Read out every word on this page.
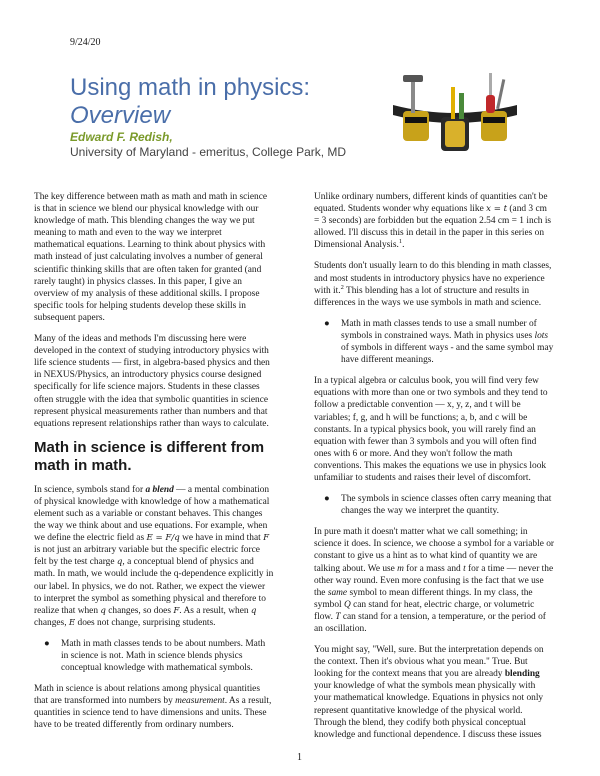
9/24/20
Using math in physics:
Overview
Edward F. Redish,
University of Maryland - emeritus, College Park, MD

The key difference between math as math and math in science is that in science we blend our physical knowledge with our knowledge of math. This blending changes the way we put meaning to math and even to the way we interpret mathematical equations. Learning to think about physics with math instead of just calculating involves a number of general scientific thinking skills that are often taken for granted (and rarely taught) in physics classes. In this paper, I give an overview of my analysis of these additional skills. I propose specific tools for helping students develop these skills in subsequent papers.

Many of the ideas and methods I'm discussing here were developed in the context of studying introductory physics with life science students — first, in algebra-based physics and then in NEXUS/Physics, an introductory physics course designed specifically for life science majors. Students in these classes often struggle with the idea that symbolic quantities in science represent physical measurements rather than numbers and that equations represent relationships rather than ways to calculate.

Math in science is different from math in math.

In science, symbols stand for a blend — a mental combination of physical knowledge with knowledge of how a mathematical element such as a variable or constant behaves. This changes the way we think about and use equations. For example, when we define the electric field as E = F/q we have in mind that F is not just an arbitrary variable but the specific electric force felt by the test charge q, a conceptual blend of physics and math. In math, we would include the q-dependence explicitly in our label. In physics, we do not. Rather, we expect the viewer to interpret the symbol as something physical and therefore to realize that when q changes, so does F. As a result, when q changes, E does not change, surprising students.

● Math in math classes tends to be about numbers. Math in science is not. Math in science blends physics conceptual knowledge with mathematical symbols.

Math in science is about relations among physical quantities that are transformed into numbers by measurement. As a result, quantities in science tend to have dimensions and units. These have to be treated differently from ordinary numbers.

Unlike ordinary numbers, different kinds of quantities can't be equated. Students wonder why equations like x = t (and 3 cm = 3 seconds) are forbidden but the equation 2.54 cm = 1 inch is allowed. I'll discuss this in detail in the paper in this series on Dimensional Analysis.$^1$.

Students don't usually learn to do this blending in math classes, and most students in introductory physics have no experience with it.$^2$ This blending has a lot of structure and results in differences in the ways we use symbols in math and science.

● Math in math classes tends to use a small number of symbols in constrained ways. Math in physics uses lots of symbols in different ways - and the same symbol may have different meanings.

In a typical algebra or calculus book, you will find very few equations with more than one or two symbols and they tend to follow a predictable convention — x, y, z, and t will be variables; f, g, and h will be functions; a, b, and c will be constants. In a typical physics book, you will rarely find an equation with fewer than 3 symbols and you will often find ones with 6 or more. And they won't follow the math conventions. This makes the equations we use in physics look unfamiliar to students and raises their level of discomfort.

● The symbols in science classes often carry meaning that changes the way we interpret the quantity.

In pure math it doesn't matter what we call something; in science it does. In science, we choose a symbol for a variable or constant to give us a hint as to what kind of quantity we are talking about. We use m for a mass and t for a time — never the other way round. Even more confusing is the fact that we use the same symbol to mean different things. In my class, the symbol Q can stand for heat, electric charge, or volumetric flow. T can stand for a tension, a temperature, or the period of an oscillation.

You might say, "Well, sure. But the interpretation depends on the context. Then it's obvious what you mean." True. But looking for the context means that you are already blending your knowledge of what the symbols mean physically with your mathematical knowledge. Equations in physics not only represent quantitative knowledge of the physical world. Through the blend, they codify both physical conceptual knowledge and functional dependence. I discuss these issues

1
